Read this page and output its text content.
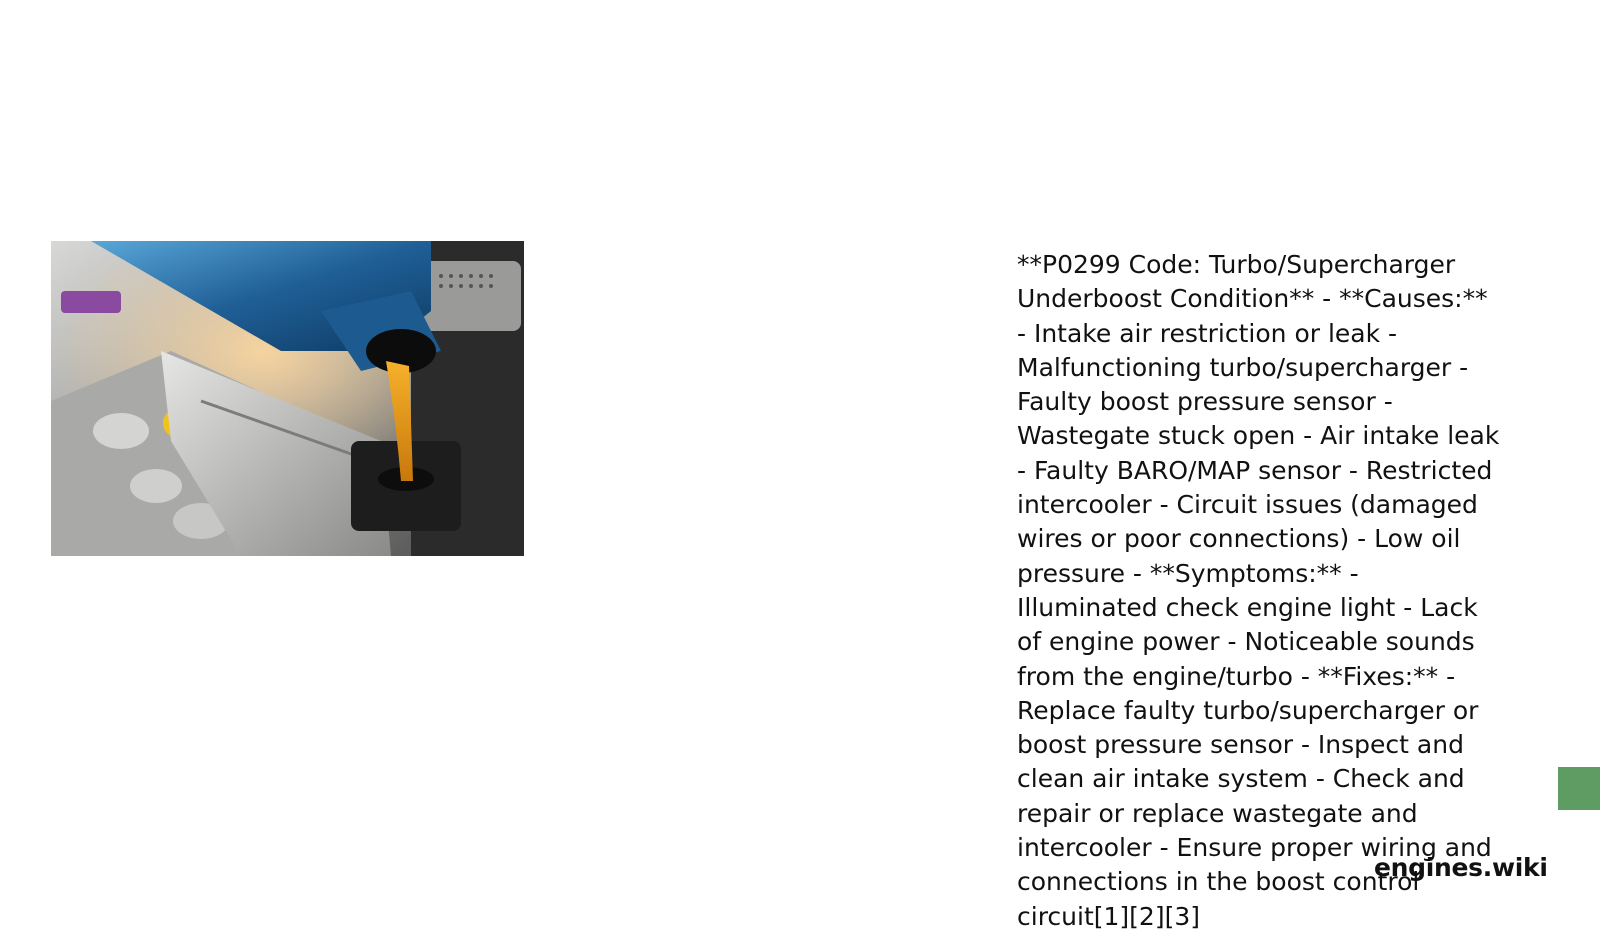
**P0299 Code: Turbo/Supercharger Underboost Condition** - **Causes:**
- Intake air restriction or leak - Malfunctioning turbo/supercharger - Faulty boost pressure sensor - Wastegate stuck open - Air intake leak - Faulty BARO/MAP sensor - Restricted intercooler - Circuit issues (damaged wires or poor connections) - Low oil pressure - **Symptoms:** - Illuminated check engine light - Lack of engine power - Noticeable sounds from the engine/turbo - **Fixes:** - Replace faulty turbo/supercharger or boost pressure sensor - Inspect and clean air intake system - Check and repair or replace wastegate and intercooler - Ensure proper wiring and connections in the boost control circuit[1][2][3]

engines.wiki
